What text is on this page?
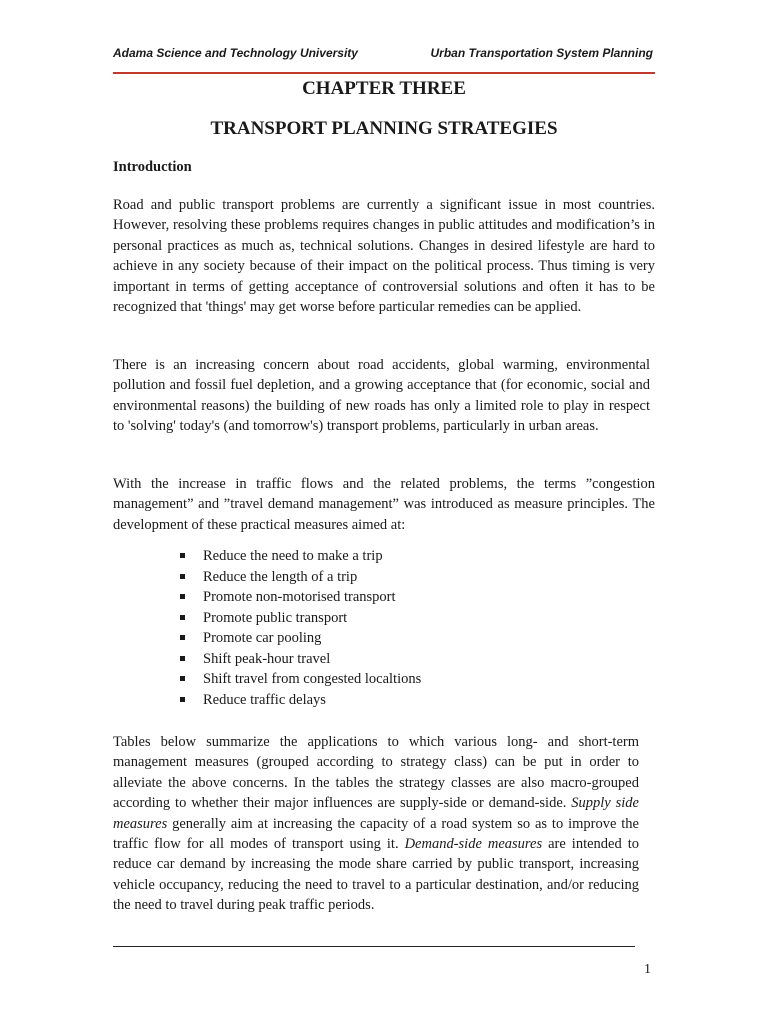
Adama Science and Technology University	Urban Transportation System Planning
CHAPTER THREE
TRANSPORT PLANNING STRATEGIES
Introduction

Road and public transport problems are currently a significant issue in most countries. However, resolving these problems requires changes in public attitudes and modification’s in personal practices as much as, technical solutions. Changes in desired lifestyle are hard to achieve in any society because of their impact on the political process. Thus timing is very important in terms of getting acceptance of controversial solutions and often it has to be recognized that 'things' may get worse before particular remedies can be applied.

There is an increasing concern about road accidents, global warming, environmental pollution and fossil fuel depletion, and a growing acceptance that (for economic, social and environmental reasons) the building of new roads has only a limited role to play in respect to 'solving' today's (and tomorrow's) transport problems, particularly in urban areas.

With the increase in traffic flows and the related problems, the terms ”congestion management” and ”travel demand management” was introduced as measure principles. The development of these practical measures aimed at:

Reduce the need to make a trip
Reduce the length of a trip
Promote non-motorised transport
Promote public transport
Promote car pooling
Shift peak-hour travel
Shift travel from congested localtions
Reduce traffic delays

Tables below summarize the applications to which various long- and short-term management measures (grouped according to strategy class) can be put in order to alleviate the above concerns. In the tables the strategy classes are also macro-grouped according to whether their major influences are supply-side or demand-side. Supply side measures generally aim at increasing the capacity of a road system so as to improve the traffic flow for all modes of transport using it. Demand-side measures are intended to reduce car demand by increasing the mode share carried by public transport, increasing vehicle occupancy, reducing the need to travel to a particular destination, and/or reducing the need to travel during peak traffic periods.

1
